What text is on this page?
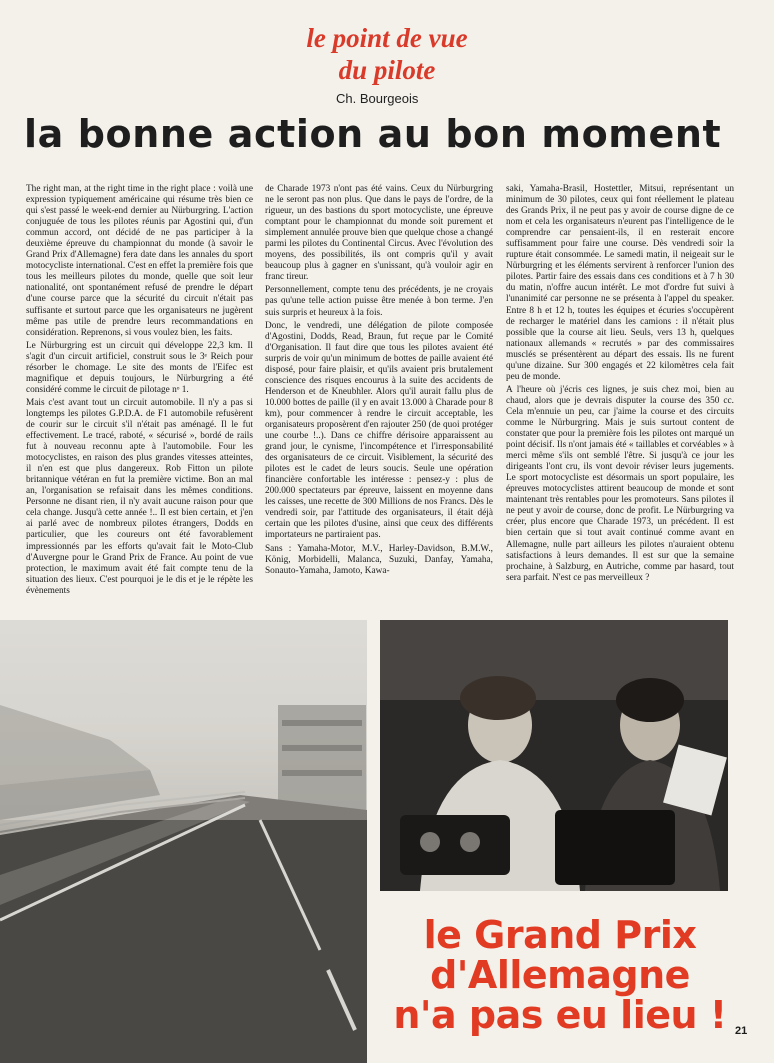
le point de vue
du pilote
Ch. Bourgeois
la bonne action au bon moment

The right man, at the right time in the right place : voilà une expression typiquement américaine qui résume très bien ce qui s'est passé le week-end dernier au Nürburgring. L'action conjuguée de tous les pilotes réunis par Agostini qui, d'un commun accord, ont décidé de ne pas participer à la deuxième épreuve du championnat du monde (à savoir le Grand Prix d'Allemagne) fera date dans les annales du sport motocycliste international. C'est en effet la première fois que tous les meilleurs pilotes du monde, quelle que soit leur nationalité, ont spontanément refusé de prendre le départ d'une course parce que la sécurité du circuit n'était pas suffisante et surtout parce que les organisateurs ne jugèrent même pas utile de prendre leurs recommandations en considération. Reprenons, si vous voulez bien, les faits.

Le Nürburgring est un circuit qui développe 22,3 km. Il s'agit d'un circuit artificiel, construit sous le 3ᵉ Reich pour résorber le chomage. Le site des monts de l'Eifec est magnifique et depuis toujours, le Nürburgring a été considéré comme le circuit de pilotage nᵒ 1.

Mais c'est avant tout un circuit automobile. Il n'y a pas si longtemps les pilotes G.P.D.A. de F1 automobile refusèrent de courir sur le circuit s'il n'était pas aménagé. Il le fut effectivement. Le tracé, raboté, « sécurisé », bordé de rails fut à nouveau reconnu apte à l'automobile. Four les motocyclistes, en raison des plus grandes vitesses atteintes, il n'en est que plus dangereux. Rob Fitton un pilote britannique vétéran en fut la première victime. Bon an mal an, l'organisation se refaisait dans les mêmes conditions. Personne ne disant rien, il n'y avait aucune raison pour que cela change. Jusqu'à cette année !.. Il est bien certain, et j'en ai parlé avec de nombreux pilotes étrangers, Dodds en particulier, que les coureurs ont été favorablement impressionnés par les efforts qu'avait fait le Moto-Club d'Auvergne pour le Grand Prix de France. Au point de vue protection, le maximum avait été fait compte tenu de la situation des lieux. C'est pourquoi je le dis et je le répète les évènements

de Charade 1973 n'ont pas été vains. Ceux du Nürburgring ne le seront pas non plus. Que dans le pays de l'ordre, de la rigueur, un des bastions du sport motocycliste, une épreuve comptant pour le championnat du monde soit purement et simplement annulée prouve bien que quelque chose a changé parmi les pilotes du Continental Circus. Avec l'évolution des moyens, des possibilités, ils ont compris qu'il y avait beaucoup plus à gagner en s'unissant, qu'à vouloir agir en franc tireur.

Personnellement, compte tenu des précédents, je ne croyais pas qu'une telle action puisse être menée à bon terme. J'en suis surpris et heureux à la fois.

Donc, le vendredi, une délégation de pilote composée d'Agostini, Dodds, Read, Braun, fut reçue par le Comité d'Organisation. Il faut dire que tous les pilotes avaient été surpris de voir qu'un minimum de bottes de paille avaient été disposé, pour faire plaisir, et qu'ils avaient pris brutalement conscience des risques encourus à la suite des accidents de Henderson et de Kneubhler. Alors qu'il aurait fallu plus de 10.000 bottes de paille (il y en avait 13.000 à Charade pour 8 km), pour commencer à rendre le circuit acceptable, les organisateurs proposèrent d'en rajouter 250 (de quoi protéger une courbe !..). Dans ce chiffre dérisoire apparaissent au grand jour, le cynisme, l'incompétence et l'irresponsabilité des organisateurs de ce circuit. Visiblement, la sécurité des pilotes est le cadet de leurs soucis. Seule une opération financière confortable les intéresse : pensez-y : plus de 200.000 spectateurs par épreuve, laissent en moyenne dans les caisses, une recette de 300 Millions de nos Francs. Dès le vendredi soir, par l'attitude des organisateurs, il était déjà certain que les pilotes d'usine, ainsi que ceux des différents importateurs ne partiraient pas.

Sans : Yamaha-Motor, M.V., Harley-Davidson, B.M.W., König, Morbidelli, Malanca, Suzuki, Danfay, Yamaha, Sonauto-Yamaha, Jamoto, Kawa-

saki, Yamaha-Brasil, Hostettler, Mitsui, représentant un minimum de 30 pilotes, ceux qui font réellement le plateau des Grands Prix, il ne peut pas y avoir de course digne de ce nom et cela les organisateurs n'eurent pas l'intelligence de le comprendre car pensaient-ils, il en resterait encore suffisamment pour faire une course. Dès vendredi soir la rupture était consommée. Le samedi matin, il neigeait sur le Nürburgring et les éléments servirent à renforcer l'union des pilotes. Partir faire des essais dans ces conditions et à 7 h 30 du matin, n'offre aucun intérêt. Le mot d'ordre fut suivi à l'unanimité car personne ne se présenta à l'appel du speaker. Entre 8 h et 12 h, toutes les équipes et écuries s'occupèrent de recharger le matériel dans les camions : il n'était plus possible que la course ait lieu. Seuls, vers 13 h, quelques nationaux allemands « recrutés » par des commissaires musclés se présentèrent au départ des essais. Ils ne furent qu'une dizaine. Sur 300 engagés et 22 kilomètres cela fait peu de monde.

A l'heure où j'écris ces lignes, je suis chez moi, bien au chaud, alors que je devrais disputer la course des 350 cc. Cela m'ennuie un peu, car j'aime la course et des circuits comme le Nürburgring. Mais je suis surtout content de constater que pour la première fois les pilotes ont marqué un point décisif. Ils n'ont jamais été « taillables et corvéables » à merci même s'ils ont semblé l'être. Si jusqu'à ce jour les dirigeants l'ont cru, ils vont devoir réviser leurs jugements. Le sport motocycliste est désormais un sport populaire, les épreuves motocyclistes attirent beaucoup de monde et sont maintenant très rentables pour les promoteurs. Sans pilotes il ne peut y avoir de course, donc de profit. Le Nürburgring va créer, plus encore que Charade 1973, un précédent. Il est bien certain que si tout avait continué comme avant en Allemagne, nulle part ailleurs les pilotes n'auraient obtenu satisfactions à leurs demandes. Il est sur que la semaine prochaine, à Salzburg, en Autriche, comme par hasard, tout sera parfait. N'est ce pas merveilleux ?

le Grand Prix
d'Allemagne
n'a pas eu lieu ! 21
